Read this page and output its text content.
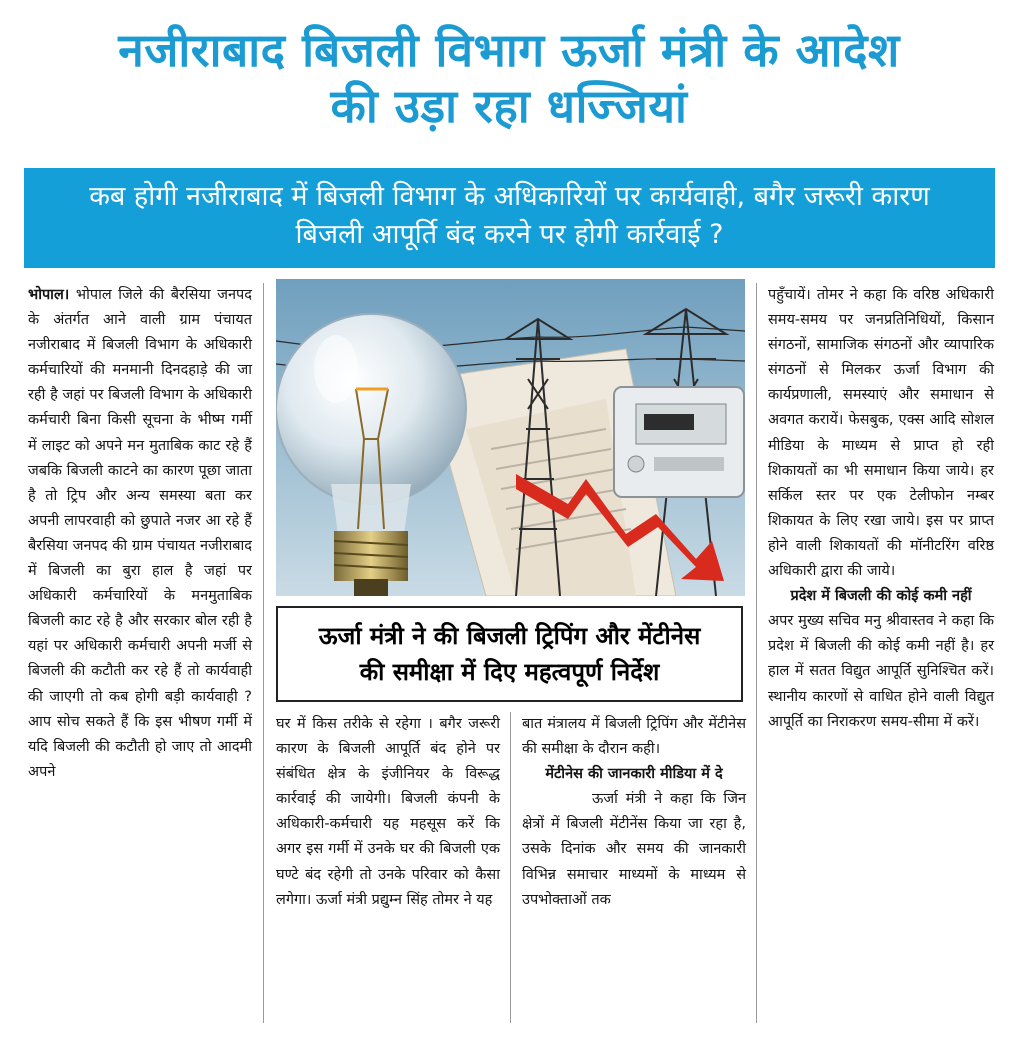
नजीराबाद बिजली विभाग ऊर्जा मंत्री के आदेश
की उड़ा रहा धज्जियां
कब होगी नजीराबाद में बिजली विभाग के अधिकारियों पर कार्यवाही, बगैर जरूरी कारण
बिजली आपूर्ति बंद करने पर होगी कार्रवाई ?

भोपाल। भोपाल जिले की बैरसिया जनपद के अंतर्गत आने वाली ग्राम पंचायत नजीराबाद में बिजली विभाग के अधिकारी कर्मचारियों की मनमानी दिनदहाड़े की जा रही है जहां पर बिजली विभाग के अधिकारी कर्मचारी बिना किसी सूचना के भीष्म गर्मी में लाइट को अपने मन मुताबिक काट रहे हैं जबकि बिजली काटने का कारण पूछा जाता है तो ट्रिप और अन्य समस्या बता कर अपनी लापरवाही को छुपाते नजर आ रहे हैं बैरसिया जनपद की ग्राम पंचायत नजीराबाद में बिजली का बुरा हाल है जहां पर अधिकारी कर्मचारियों के मनमुताबिक बिजली काट रहे है और सरकार बोल रही है यहां पर अधिकारी कर्मचारी अपनी मर्जी से बिजली की कटौती कर रहे हैं तो कार्यवाही की जाएगी तो कब होगी बड़ी कार्यवाही ? आप सोच सकते हैं कि इस भीषण गर्मी में यदि बिजली की कटौती हो जाए तो आदमी अपने

ऊर्जा मंत्री ने की बिजली ट्रिपिंग और मेंटीनेस
की समीक्षा में दिए महत्वपूर्ण निर्देश

घर में किस तरीके से रहेगा । बगैर जरूरी कारण के बिजली आपूर्ति बंद होने पर संबंधित क्षेत्र के इंजीनियर के विरूद्ध कार्रवाई की जायेगी। बिजली कंपनी के अधिकारी-कर्मचारी यह महसूस करें कि अगर इस गर्मी में उनके घर की बिजली एक घण्टे बंद रहेगी तो उनके परिवार को कैसा लगेगा। ऊर्जा मंत्री प्रद्युम्न सिंह तोमर ने यह

बात मंत्रालय में बिजली ट्रिपिंग और मेंटीनेस की समीक्षा के दौरान कही।

मेंटीनेस की जानकारी मीडिया में दे

ऊर्जा मंत्री ने कहा कि जिन क्षेत्रों में बिजली मेंटीनेंस किया जा रहा है, उसके दिनांक और समय की जानकारी विभिन्न समाचार माध्यमों के माध्यम से उपभोक्ताओं तक

पहुँचायें। तोमर ने कहा कि वरिष्ठ अधिकारी समय-समय पर जनप्रतिनिधियों, किसान संगठनों, सामाजिक संगठनों और व्यापारिक संगठनों से मिलकर ऊर्जा विभाग की कार्यप्रणाली, समस्याएं और समाधान से अवगत करायें। फेसबुक, एक्स आदि सोशल मीडिया के माध्यम से प्राप्त हो रही शिकायतों का भी समाधान किया जाये। हर सर्किल स्तर पर एक टेलीफोन नम्बर शिकायत के लिए रखा जाये। इस पर प्राप्त होने वाली शिकायतों की मॉनीटरिंग वरिष्ठ अधिकारी द्वारा की जाये।

प्रदेश में बिजली की कोई कमी नहीं

अपर मुख्य सचिव मनु श्रीवास्तव ने कहा कि प्रदेश में बिजली की कोई कमी नहीं है। हर हाल में सतत विद्युत आपूर्ति सुनिश्चित करें। स्थानीय कारणों से वाधित होने वाली विद्युत आपूर्ति का निराकरण समय-सीमा में करें।
